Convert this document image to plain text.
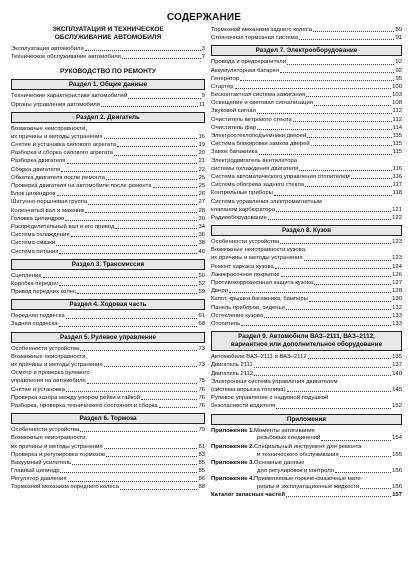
СОДЕРЖАНИЕ
ЭКСПЛУАТАЦИЯ И ТЕХНИЧЕСКОЕ
ОБСЛУЖИВАНИЕ АВТОМОБИЛЯ
Эксплуатация автомобиля	3
Техническое обслуживание автомобиля	7
РУКОВОДСТВО ПО РЕМОНТУ
Раздел 1. Общие данные
Технические характеристики автомобилей	9
Органы управления автомобиля	11
Раздел 2. Двигатель
Возможные неисправности,
их причины и методы устранения	16
Снятие и установка силового агрегата	19
Разборка и сборка силового агрегата	20
Разборка двигателя	21
Сборка двигателя	22
Обкатка двигателя после ремонта	25
Проверка двигателя на автомобиле после ремонта	25
Блок цилиндров	26
Шатунно-поршневая группа	27
Коленчатый вал и маховик	28
Головка цилиндров	30
Распределительный вал и его привод	34
Система охлаждения	36
Система смазки	38
Система питания	40
Раздел 3. Трансмиссия
Сцепление	50
Коробка передач	52
Привод передних колес	59
Раздел 4. Ходовая часть
Передняя подвеска	61
Задняя подвеска	68
Раздел 5. Рулевое управление
Особенности устройства	73
Возможные неисправности,
их причины и методы устранения	73
Осмотр и проверка рулевого
управления на автомобиле	75
Снятие и установка	76
Проверка зазора между упором рейки и гайкой	76
Разборка, проверка технического состояния и сборка	76
Раздел 6. Тормоза
Особенности устройства	79
Возможные неисправности,
их причины и методы устранения	81
Проверка и регулировка тормозов	83
Вакуумный усилитель	85
Главный цилиндр	85
Регулятор давления	86
Тормозной механизм переднего колеса	88
Тормозной механизм заднего колеса	89
Стояночная тормозная система	91
Раздел 7. Электрооборудование
Провода и предохранители	92
Аккумуляторная батарея	92
Генератор	95
Стартер	100
Бесконтактная система зажигания	103
Освещение и световая сигнализация	108
Звуковой сигнал	112
Очиститель ветрового стекла	112
Очиститель фар	114
Электростеклоподъемники дверей	115
Система блокировки замков дверей	115
Замок багажника	115
Электродвигатель вентилятора
системы охлаждения двигателя	116
Система автоматического управления отопителем	116
Система обогрева заднего стекла	117
Контрольные приборы	118
Система управления электромагнитным
клапаном карбюратора	121
Радиооборудование	122
Раздел 8. Кузов
Особенности устройства	123
Возможные неисправности кузова,
их причины и методы устранения	123
Ремонт каркаса кузова	124
Лакокрасочное покрытие	126
Противокоррозионная защита кузова	127
Двери	128
Капот, крышка багажника, бамперы	130
Панель приборов, сиденья	132
Остекление кузова	133
Отопитель	133
Раздел 9. Автомобили ВАЗ–2111, ВАЗ–2112,
вариантное или дополнительное оборудование
Автомобили ВАЗ–2111 и ВАЗ–2112	135
Двигатель 2111	137
Двигатель 2112	140
Электронная система управления двигателем
(система впрыска топлива)	145
Рулевое управление с надувной подушкой
безопасности водителя	152
Приложения
Приложение 1. Моменты затягивания
резьбовых соединений	154
Приложение 2. Специальный инструмент для ремонта
и технического обслуживания	155
Приложение 3. Основные данные
для регулировок и контроля	156
Приложение 4. Применяемые горюче-смазочные мате-
риалы и эксплуатационные жидкости	156
Каталог запасных частей	157
